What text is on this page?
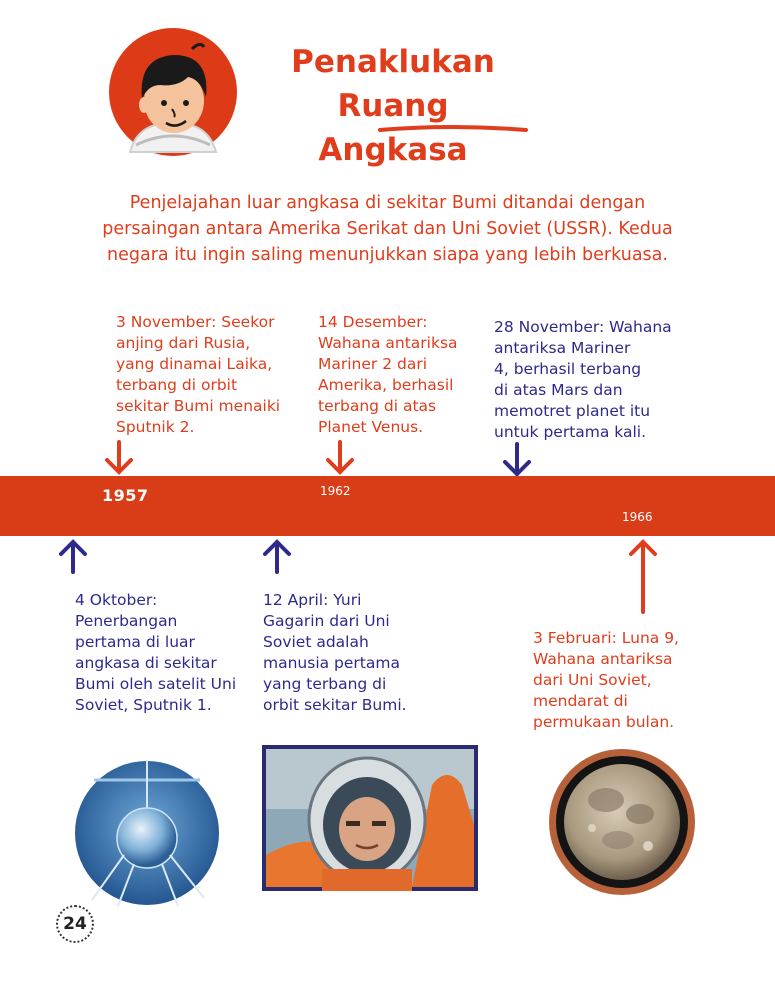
Penaklukan
Ruang Angkasa
Penjelajahan luar angkasa di sekitar Bumi ditandai dengan
persaingan antara Amerika Serikat dan Uni Soviet (USSR). Kedua
negara itu ingin saling menunjukkan siapa yang lebih berkuasa.
3 November: Seekor
anjing dari Rusia,
yang dinamai Laika,
terbang di orbit
sekitar Bumi menaiki
Sputnik 2.
14 Desember:
Wahana antariksa
Mariner 2 dari
Amerika, berhasil
terbang di atas
Planet Venus.
28 November: Wahana
antariksa Mariner
4, berhasil terbang
di atas Mars dan
memotret planet itu
untuk pertama kali.
1957	1962
1966
4 Oktober:
Penerbangan
pertama di luar
angkasa di sekitar
Bumi oleh satelit Uni
Soviet, Sputnik 1.
12 April: Yuri
Gagarin dari Uni
Soviet adalah
manusia pertama
yang terbang di
orbit sekitar Bumi.
3 Februari: Luna 9,
Wahana antariksa
dari Uni Soviet,
mendarat di
permukaan bulan.
24
